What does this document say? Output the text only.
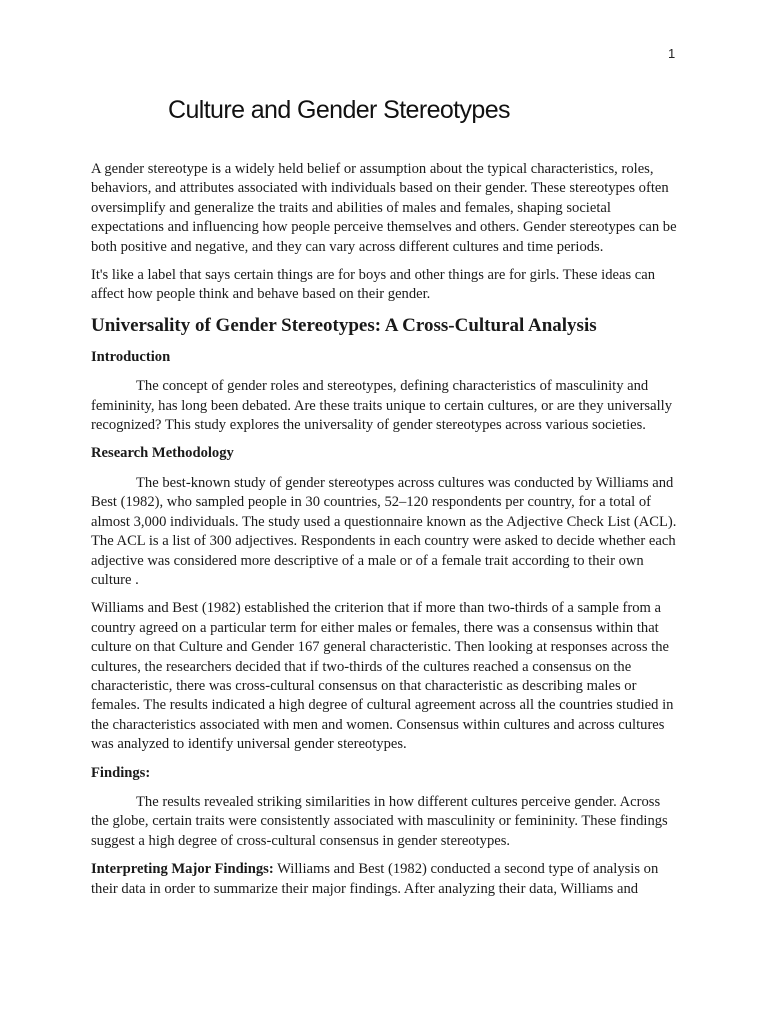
1
Culture and Gender Stereotypes

A gender stereotype is a widely held belief or assumption about the typical characteristics, roles, behaviors, and attributes associated with individuals based on their gender. These stereotypes often oversimplify and generalize the traits and abilities of males and females, shaping societal expectations and influencing how people perceive themselves and others. Gender stereotypes can be both positive and negative, and they can vary across different cultures and time periods.

It's like a label that says certain things are for boys and other things are for girls. These ideas can affect how people think and behave based on their gender.

Universality of Gender Stereotypes: A Cross-Cultural Analysis
Introduction

The concept of gender roles and stereotypes, defining characteristics of masculinity and femininity, has long been debated. Are these traits unique to certain cultures, or are they universally recognized? This study explores the universality of gender stereotypes across various societies.

Research Methodology

The best-known study of gender stereotypes across cultures was conducted by Williams and Best (1982), who sampled people in 30 countries, 52–120 respondents per country, for a total of almost 3,000 individuals. The study used a questionnaire known as the Adjective Check List (ACL). The ACL is a list of 300 adjectives. Respondents in each country were asked to decide whether each adjective was considered more descriptive of a male or of a female trait according to their own culture .

Williams and Best (1982) established the criterion that if more than two-thirds of a sample from a country agreed on a particular term for either males or females, there was a consensus within that culture on that Culture and Gender 167 general characteristic. Then looking at responses across the cultures, the researchers decided that if two-thirds of the cultures reached a consensus on the characteristic, there was cross-cultural consensus on that characteristic as describing males or females. The results indicated a high degree of cultural agreement across all the countries studied in the characteristics associated with men and women. Consensus within cultures and across cultures was analyzed to identify universal gender stereotypes.

Findings:

The results revealed striking similarities in how different cultures perceive gender. Across the globe, certain traits were consistently associated with masculinity or femininity. These findings suggest a high degree of cross-cultural consensus in gender stereotypes.

Interpreting Major Findings: Williams and Best (1982) conducted a second type of analysis on their data in order to summarize their major findings. After analyzing their data, Williams and
